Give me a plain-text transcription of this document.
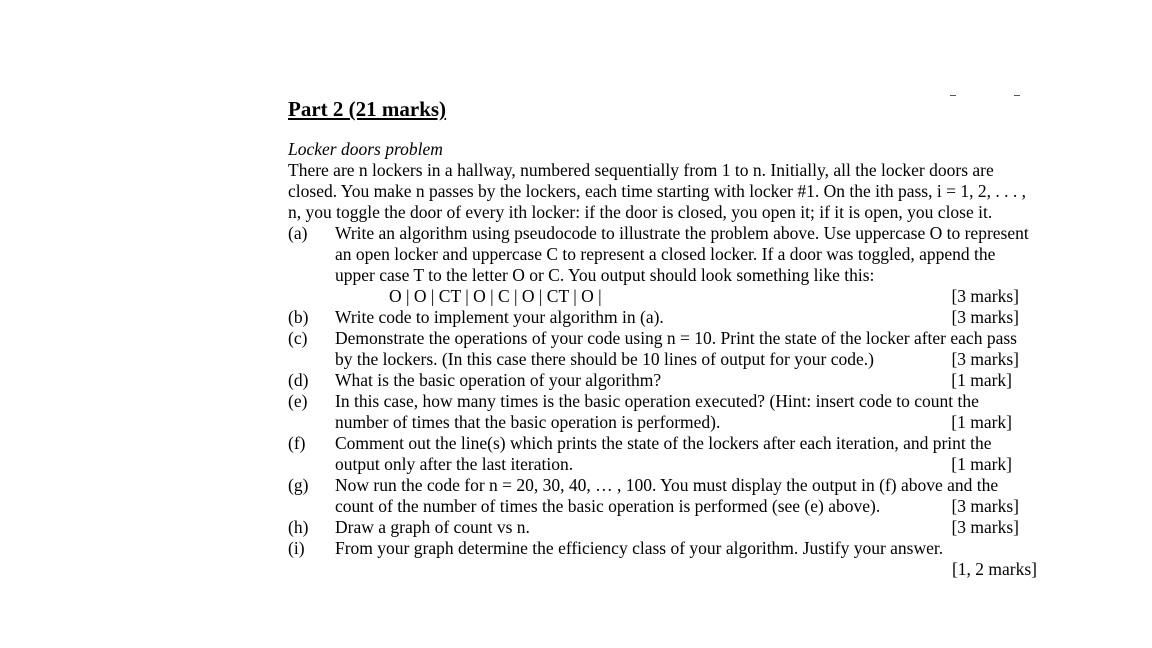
Part 2 (21 marks)
Locker doors problem
There are n lockers in a hallway, numbered sequentially from 1 to n. Initially, all the locker doors are
closed. You make n passes by the lockers, each time starting with locker #1. On the ith pass, i = 1, 2, . . . ,
n, you toggle the door of every ith locker: if the door is closed, you open it; if it is open, you close it.
(a) Write an algorithm using pseudocode to illustrate the problem above. Use uppercase O to represent
an open locker and uppercase C to represent a closed locker. If a door was toggled, append the
upper case T to the letter O or C. You output should look something like this:
O | O | CT | O | C | O | CT | O |	[3 marks]
(b) Write code to implement your algorithm in (a).	[3 marks]
(c) Demonstrate the operations of your code using n = 10. Print the state of the locker after each pass
by the lockers. (In this case there should be 10 lines of output for your code.)	[3 marks]
(d) What is the basic operation of your algorithm?	[1 mark]
(e) In this case, how many times is the basic operation executed? (Hint: insert code to count the
number of times that the basic operation is performed).	[1 mark]
(f) Comment out the line(s) which prints the state of the lockers after each iteration, and print the
output only after the last iteration.	[1 mark]
(g) Now run the code for n = 20, 30, 40, … , 100. You must display the output in (f) above and the
count of the number of times the basic operation is performed (see (e) above).	[3 marks]
(h) Draw a graph of count vs n.	[3 marks]
(i) From your graph determine the efficiency class of your algorithm. Justify your answer.
[1, 2 marks]
